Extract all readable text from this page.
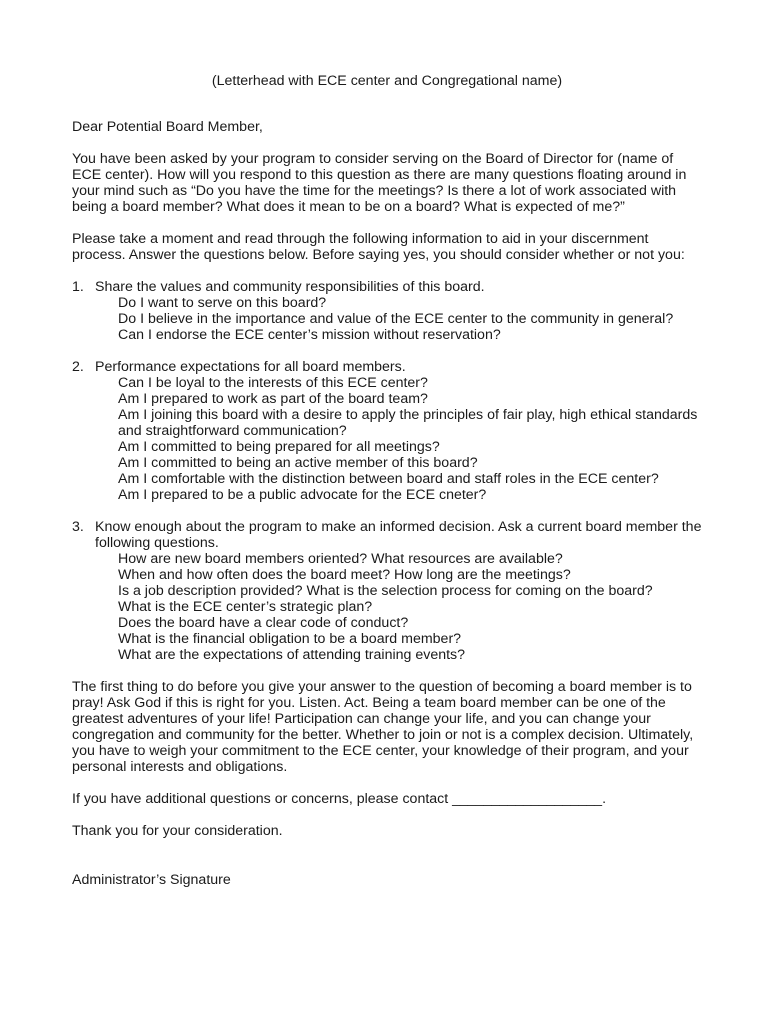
(Letterhead with ECE center and Congregational name)

Dear Potential Board Member,

You have been asked by your program to consider serving on the Board of Director for (name of ECE center). How will you respond to this question as there are many questions floating around in your mind such as “Do you have the time for the meetings? Is there a lot of work associated with being a board member? What does it mean to be on a board? What is expected of me?”

Please take a moment and read through the following information to aid in your discernment process. Answer the questions below. Before saying yes, you should consider whether or not you:

1. Share the values and community responsibilities of this board.
Do I want to serve on this board?
Do I believe in the importance and value of the ECE center to the community in general?
Can I endorse the ECE center’s mission without reservation?
2. Performance expectations for all board members.
Can I be loyal to the interests of this ECE center?
Am I prepared to work as part of the board team?
Am I joining this board with a desire to apply the principles of fair play, high ethical standards and straightforward communication?
Am I committed to being prepared for all meetings?
Am I committed to being an active member of this board?
Am I comfortable with the distinction between board and staff roles in the ECE center?
Am I prepared to be a public advocate for the ECE cneter?
3. Know enough about the program to make an informed decision. Ask a current board member the following questions.
How are new board members oriented? What resources are available?
When and how often does the board meet? How long are the meetings?
Is a job description provided? What is the selection process for coming on the board?
What is the ECE center’s strategic plan?
Does the board have a clear code of conduct?
What is the financial obligation to be a board member?
What are the expectations of attending training events?

The first thing to do before you give your answer to the question of becoming a board member is to pray! Ask God if this is right for you. Listen. Act. Being a team board member can be one of the greatest adventures of your life! Participation can change your life, and you can change your congregation and community for the better. Whether to join or not is a complex decision. Ultimately, you have to weigh your commitment to the ECE center, your knowledge of their program, and your personal interests and obligations.

If you have additional questions or concerns, please contact ___________________.

Thank you for your consideration.

Administrator’s Signature
